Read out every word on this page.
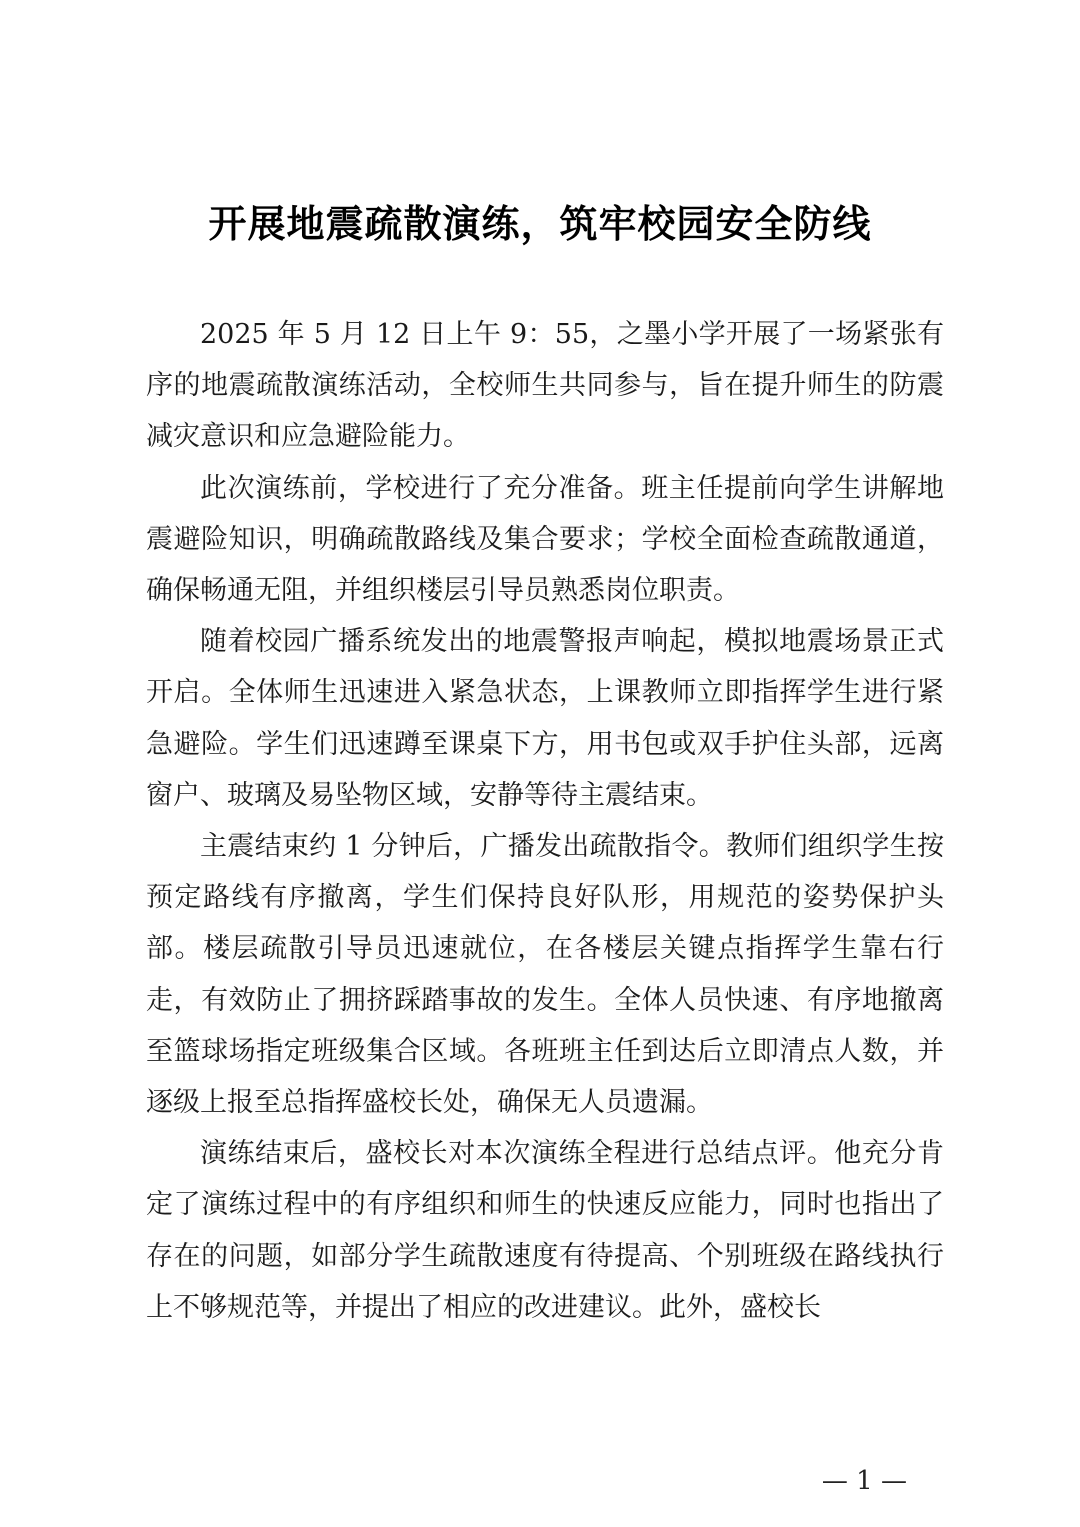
开展地震疏散演练，筑牢校园安全防线

2025 年 5 月 12 日上午 9：55，之墨小学开展了一场紧张有序的地震疏散演练活动，全校师生共同参与，旨在提升师生的防震减灾意识和应急避险能力。

此次演练前，学校进行了充分准备。班主任提前向学生讲解地震避险知识，明确疏散路线及集合要求；学校全面检查疏散通道，确保畅通无阻，并组织楼层引导员熟悉岗位职责。

随着校园广播系统发出的地震警报声响起，模拟地震场景正式开启。全体师生迅速进入紧急状态，上课教师立即指挥学生进行紧急避险。学生们迅速蹲至课桌下方，用书包或双手护住头部，远离窗户、玻璃及易坠物区域，安静等待主震结束。

主震结束约 1 分钟后，广播发出疏散指令。教师们组织学生按预定路线有序撤离，学生们保持良好队形，用规范的姿势保护头部。楼层疏散引导员迅速就位，在各楼层关键点指挥学生靠右行走，有效防止了拥挤踩踏事故的发生。全体人员快速、有序地撤离至篮球场指定班级集合区域。各班班主任到达后立即清点人数，并逐级上报至总指挥盛校长处，确保无人员遗漏。

演练结束后，盛校长对本次演练全程进行总结点评。他充分肯定了演练过程中的有序组织和师生的快速反应能力，同时也指出了存在的问题，如部分学生疏散速度有待提高、个别班级在路线执行上不够规范等，并提出了相应的改进建议。此外，盛校长

— 1 —
